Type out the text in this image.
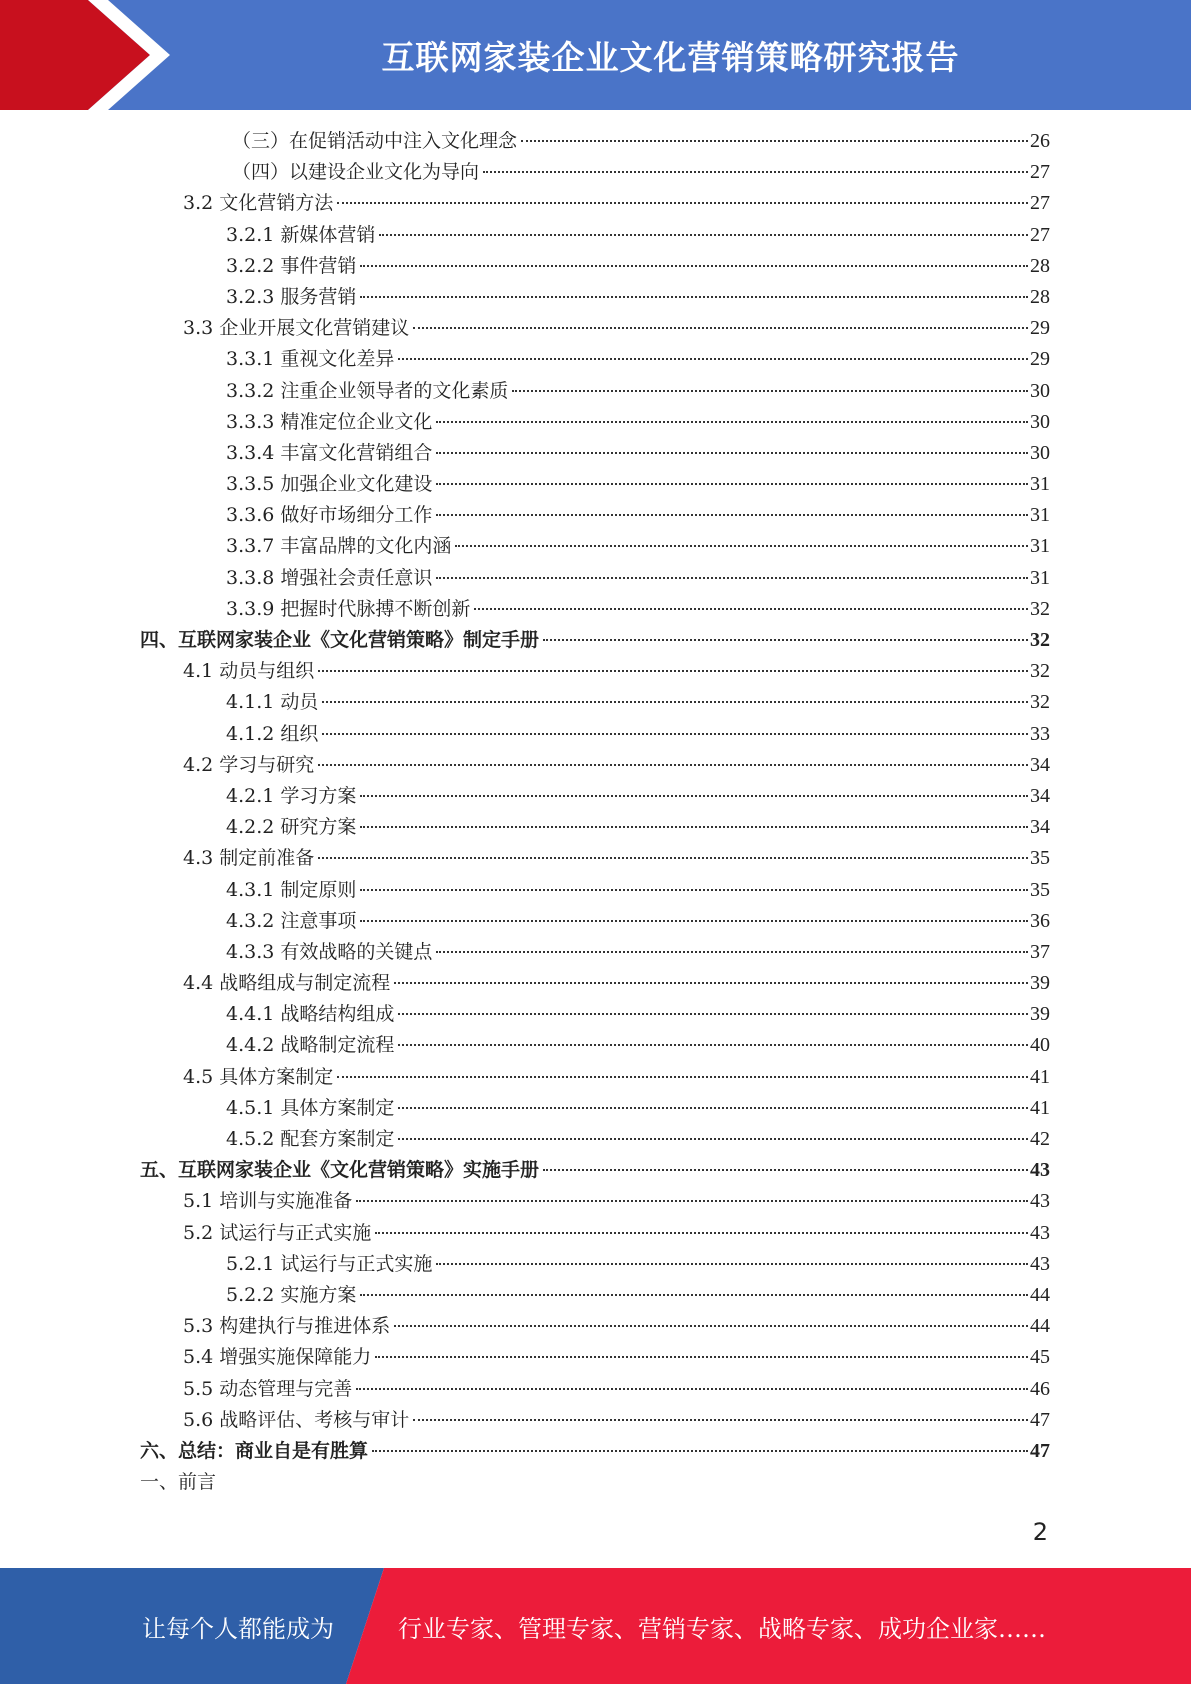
互联网家装企业文化营销策略研究报告
（三）在促销活动中注入文化理念	26
（四）以建设企业文化为导向	27
3.2 文化营销方法	27
3.2.1 新媒体营销	27
3.2.2 事件营销	28
3.2.3 服务营销	28
3.3 企业开展文化营销建议	29
3.3.1 重视文化差异	29
3.3.2 注重企业领导者的文化素质	30
3.3.3 精准定位企业文化	30
3.3.4 丰富文化营销组合	30
3.3.5 加强企业文化建设	31
3.3.6 做好市场细分工作	31
3.3.7 丰富品牌的文化内涵	31
3.3.8 增强社会责任意识	31
3.3.9 把握时代脉搏不断创新	32
四、互联网家装企业《文化营销策略》制定手册	32
4.1 动员与组织	32
4.1.1 动员	32
4.1.2 组织	33
4.2 学习与研究	34
4.2.1 学习方案	34
4.2.2 研究方案	34
4.3 制定前准备	35
4.3.1 制定原则	35
4.3.2 注意事项	36
4.3.3 有效战略的关键点	37
4.4 战略组成与制定流程	39
4.4.1 战略结构组成	39
4.4.2 战略制定流程	40
4.5 具体方案制定	41
4.5.1 具体方案制定	41
4.5.2 配套方案制定	42
五、互联网家装企业《文化营销策略》实施手册	43
5.1 培训与实施准备	43
5.2 试运行与正式实施	43
5.2.1 试运行与正式实施	43
5.2.2 实施方案	44
5.3 构建执行与推进体系	44
5.4 增强实施保障能力	45
5.5 动态管理与完善	46
5.6 战略评估、考核与审计	47
六、总结：商业自是有胜算	47
一、前言
2
让每个人都能成为	行业专家、管理专家、营销专家、战略专家、成功企业家……
